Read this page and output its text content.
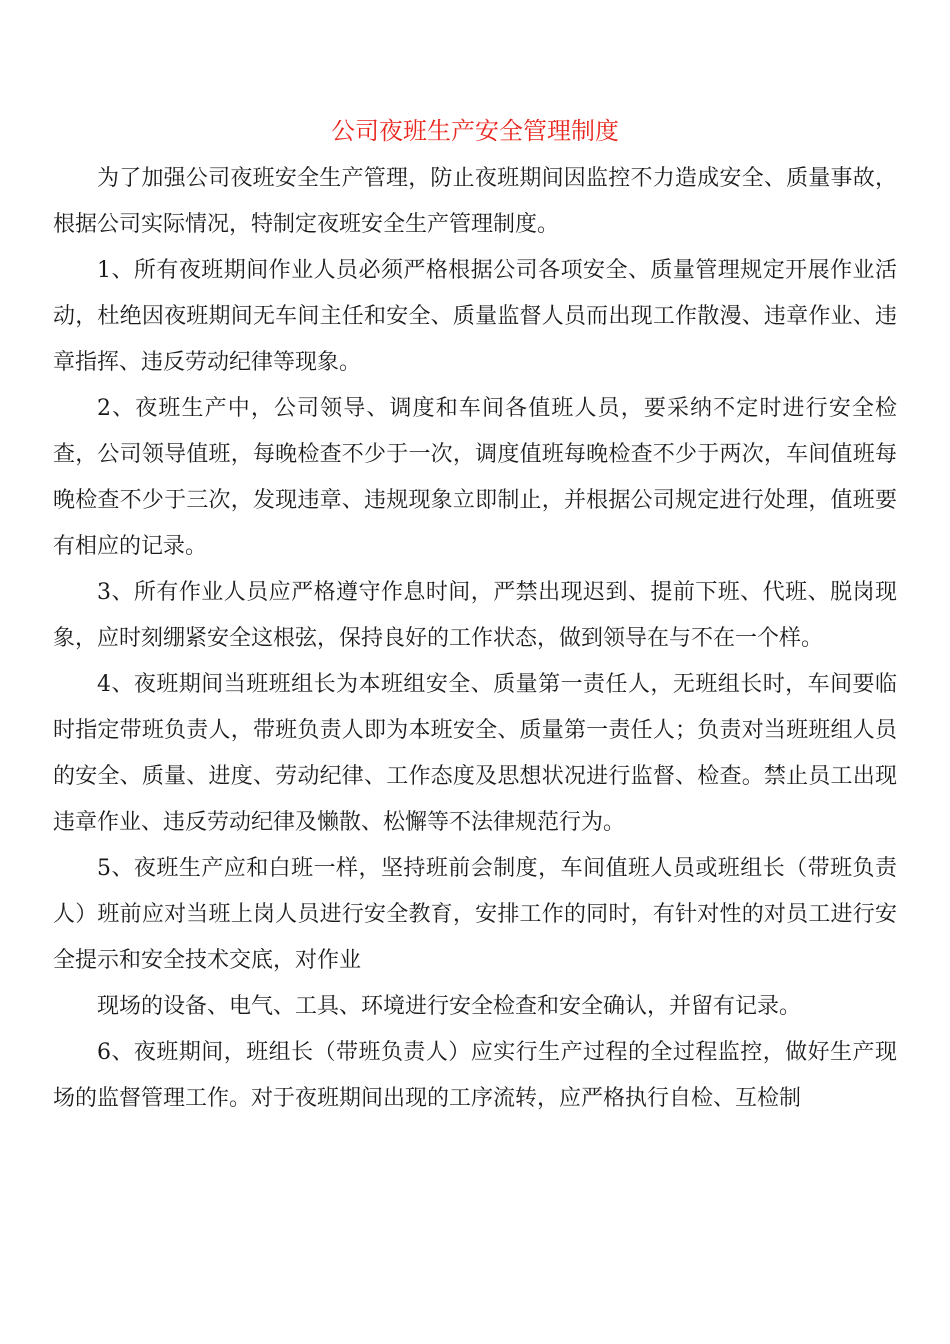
公司夜班生产安全管理制度

为了加强公司夜班安全生产管理，防止夜班期间因监控不力造成安全、质量事故，根据公司实际情况，特制定夜班安全生产管理制度。

1、所有夜班期间作业人员必须严格根据公司各项安全、质量管理规定开展作业活动，杜绝因夜班期间无车间主任和安全、质量监督人员而出现工作散漫、违章作业、违章指挥、违反劳动纪律等现象。

2、夜班生产中，公司领导、调度和车间各值班人员，要采纳不定时进行安全检查，公司领导值班，每晚检查不少于一次，调度值班每晚检查不少于两次，车间值班每晚检查不少于三次，发现违章、违规现象立即制止，并根据公司规定进行处理，值班要有相应的记录。

3、所有作业人员应严格遵守作息时间，严禁出现迟到、提前下班、代班、脱岗现象，应时刻绷紧安全这根弦，保持良好的工作状态，做到领导在与不在一个样。

4、夜班期间当班班组长为本班组安全、质量第一责任人，无班组长时，车间要临时指定带班负责人，带班负责人即为本班安全、质量第一责任人；负责对当班班组人员的安全、质量、进度、劳动纪律、工作态度及思想状况进行监督、检查。禁止员工出现违章作业、违反劳动纪律及懒散、松懈等不法律规范行为。

5、夜班生产应和白班一样，坚持班前会制度，车间值班人员或班组长（带班负责人）班前应对当班上岗人员进行安全教育，安排工作的同时，有针对性的对员工进行安全提示和安全技术交底，对作业

现场的设备、电气、工具、环境进行安全检查和安全确认，并留有记录。

6、夜班期间，班组长（带班负责人）应实行生产过程的全过程监控，做好生产现场的监督管理工作。对于夜班期间出现的工序流转，应严格执行自检、互检制
